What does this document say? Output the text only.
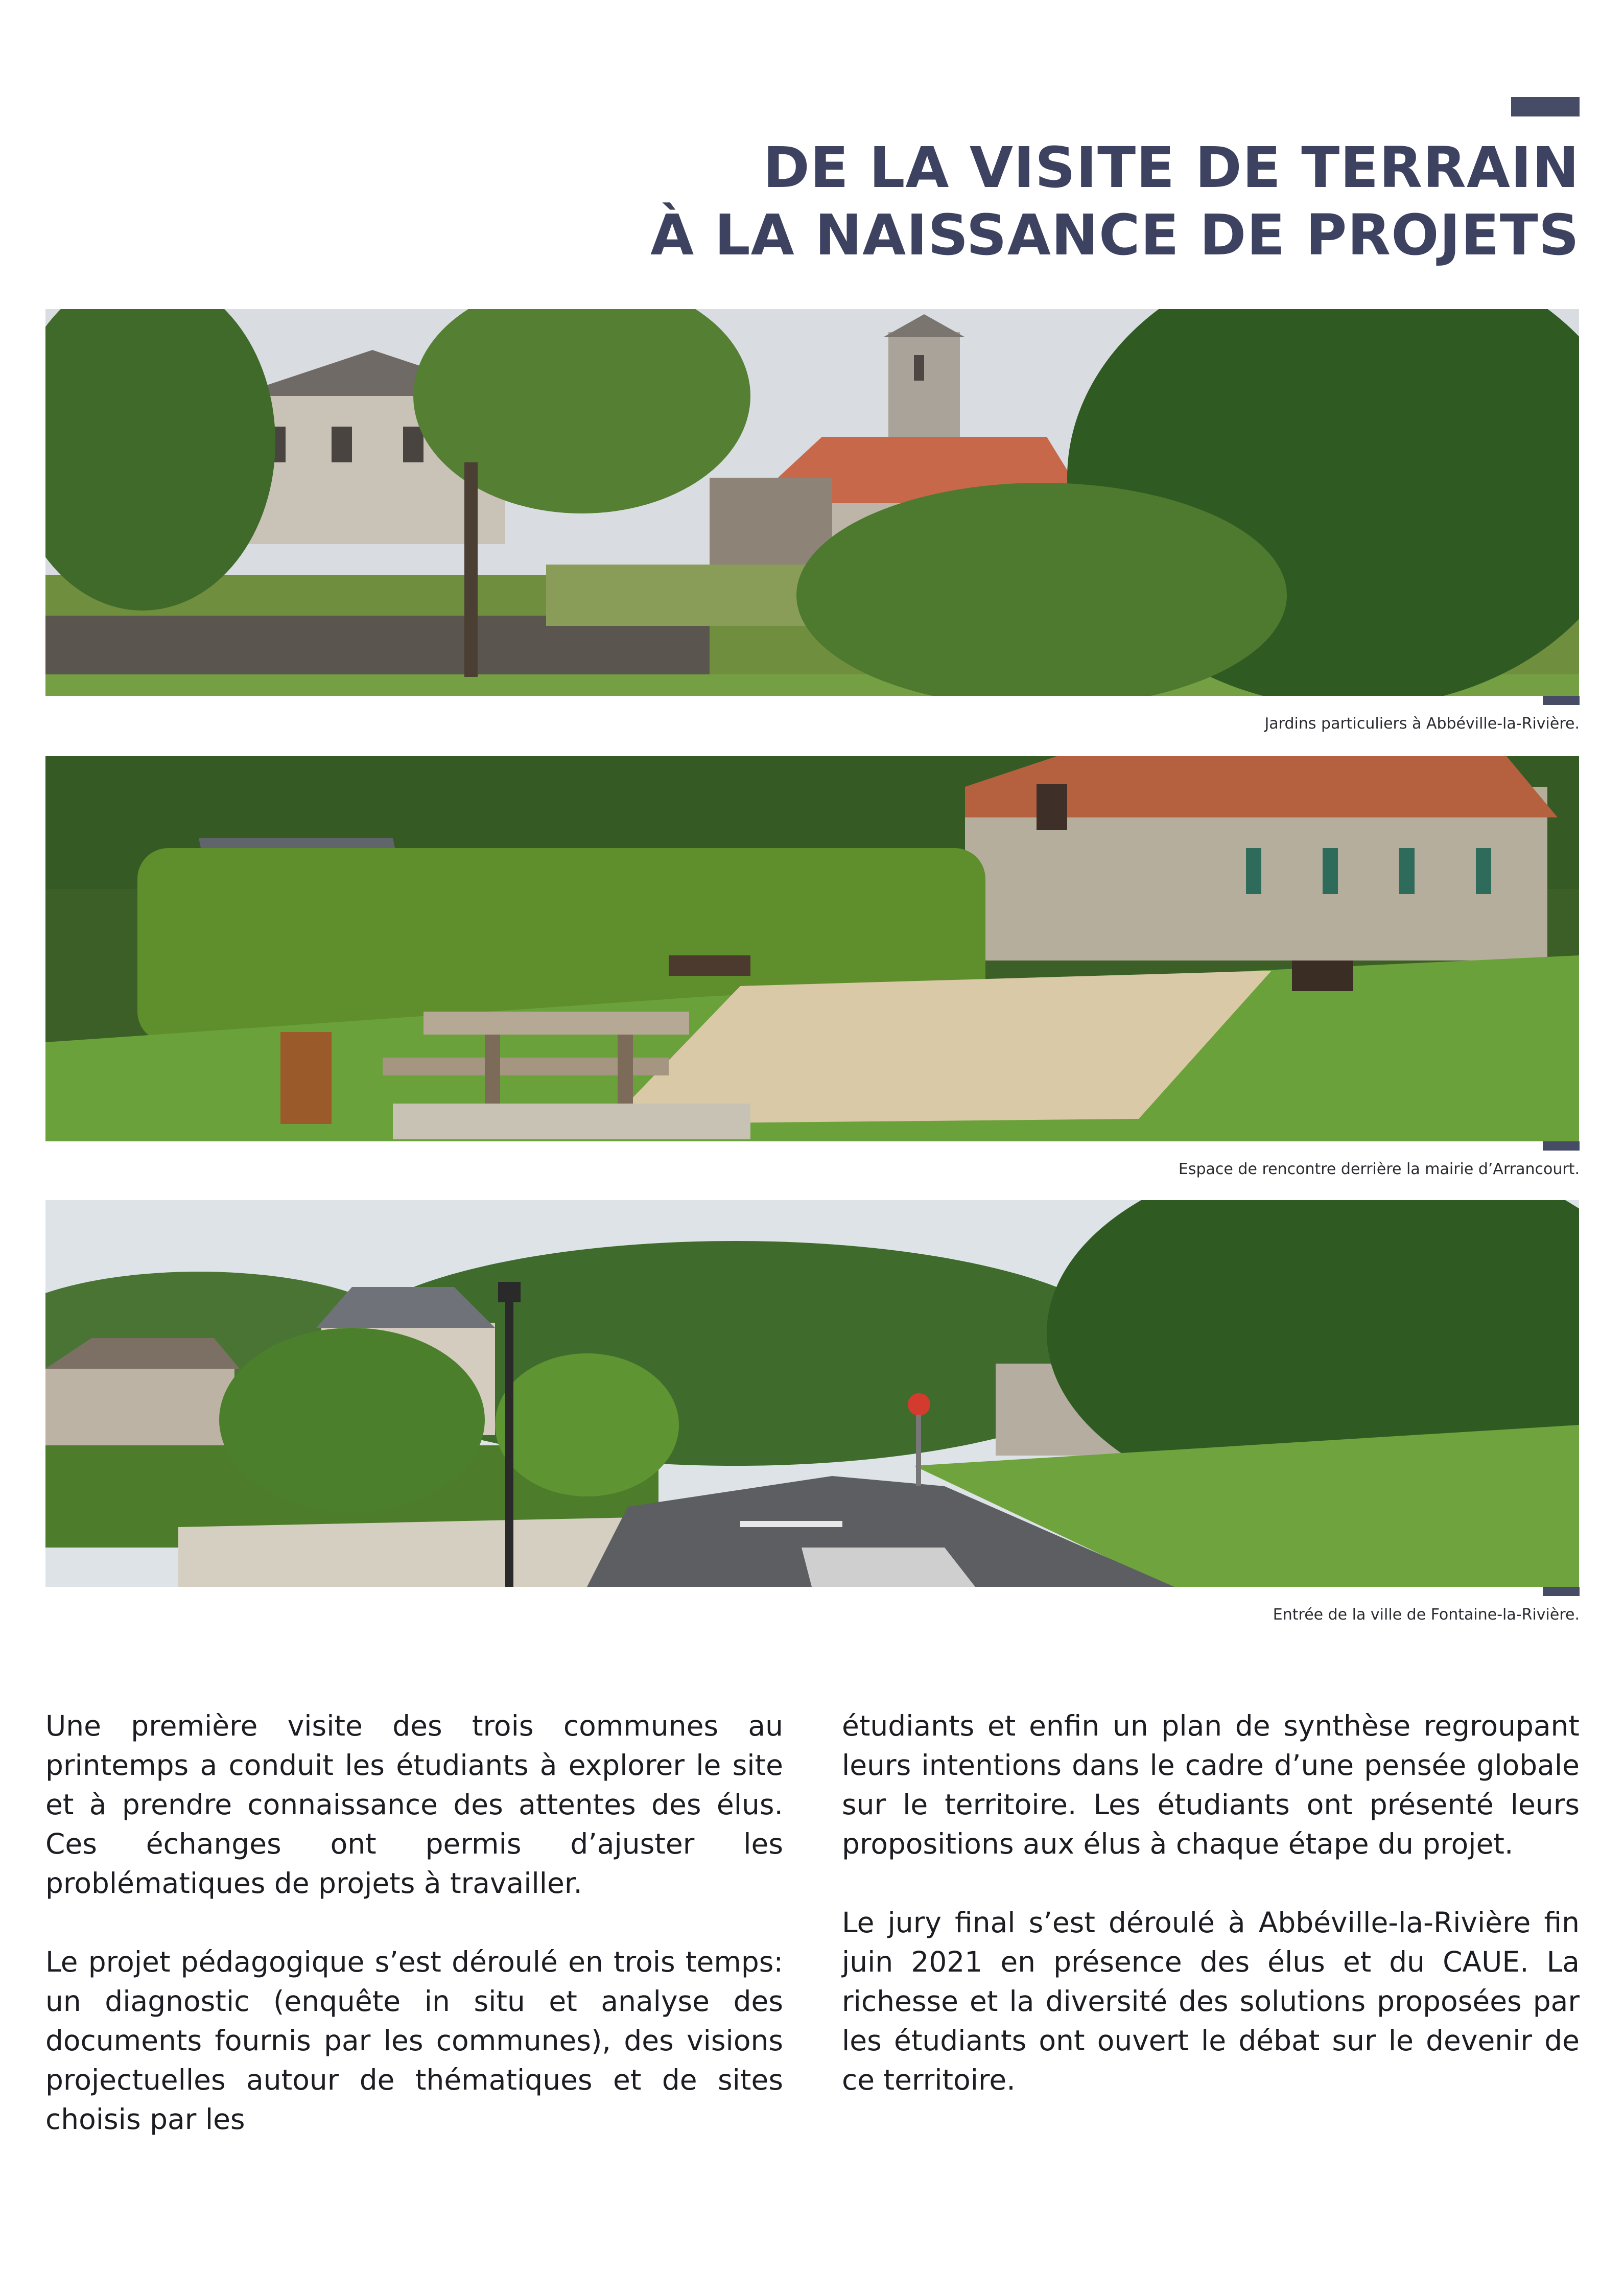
DE LA VISITE DE TERRAIN
À LA NAISSANCE DE PROJETS
Jardins particuliers à Abbéville-la-Rivière.
Espace de rencontre derrière la mairie d’Arrancourt.
Entrée de la ville de Fontaine-la-Rivière.

Une première visite des trois communes au printemps a conduit les étudiants à explorer le site et à prendre connaissance des attentes des élus. Ces échanges ont permis d’ajuster les problématiques de projets à travailler.

Le projet pédagogique s’est déroulé en trois temps: un diagnostic (enquête in situ et analyse des documents fournis par les communes), des visions projectuelles autour de thématiques et de sites choisis par les

étudiants et enfin un plan de synthèse regroupant leurs intentions dans le cadre d’une pensée globale sur le territoire. Les étudiants ont présenté leurs propositions aux élus à chaque étape du projet.

Le jury final s’est déroulé à Abbéville-la-Rivière fin juin 2021 en présence des élus et du CAUE. La richesse et la diversité des solutions proposées par les étudiants ont ouvert le débat sur le devenir de ce territoire.
